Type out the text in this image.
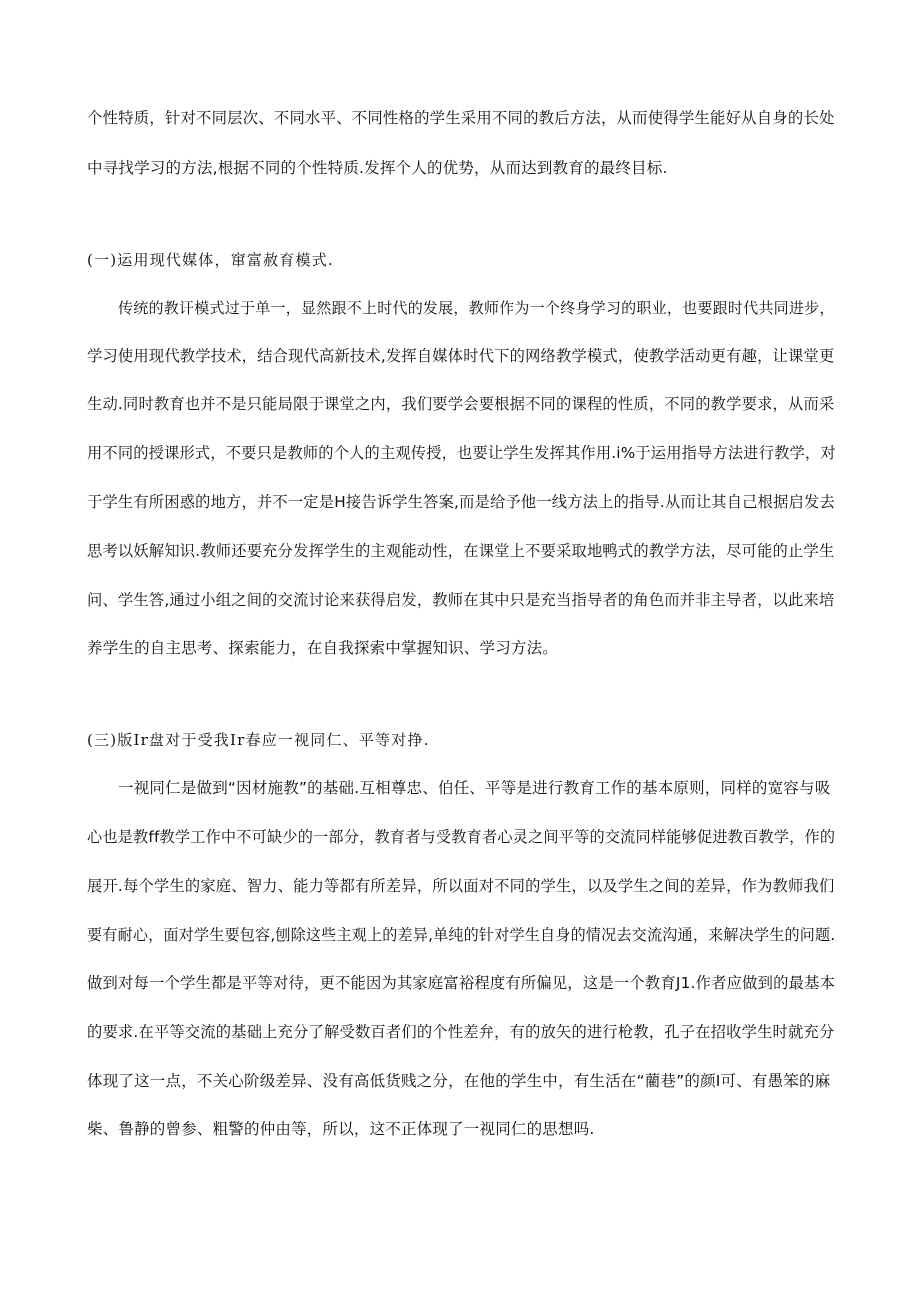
个性特质，针对不同层次、不同水平、不同性格的学生采用不同的教后方法，从而使得学生能好从自身的长处
中寻找学习的方法,根据不同的个性特质.发挥个人的优势，从而达到教育的最终目标.
(一)运用现代媒体，窜富赦育模式.
传统的教讦模式过于单一，显然跟不上时代的发展，教师作为一个终身学习的职业，也要跟时代共同进步，
学习使用现代教学技术，结合现代高新技术,发挥自媒体时代下的网络教学模式，使教学活动更有趣，让课堂更
生动.同时教育也并不是只能局限于课堂之内，我们要学会要根据不同的课程的性质，不同的教学要求，从而采
用不同的授课形式，不要只是教师的个人的主观传授，也要让学生发挥其作用.i%于运用指导方法进行教学，对
于学生有所困惑的地方，并不一定是H接告诉学生答案,而是给予他一线方法上的指导.从而让其自己根据启发去
思考以妖解知识.教师还要充分发挥学生的主观能动性，在课堂上不要采取地鸭式的教学方法，尽可能的止学生
问、学生答,通过小组之间的交流讨论来获得启发，教师在其中只是充当指导者的角色而并非主导者，以此来培
养学生的自主思考、探索能力，在自我探索中掌握知识、学习方法。
(三)版Ir盘对于受我Ir春应一视同仁、平等对挣.
一视同仁是做到“因材施教”的基础.互相尊忠、伯任、平等是进行教育工作的基本原则，同样的宽容与吸
心也是教ff教学工作中不可缺少的一部分，教育者与受教育者心灵之间平等的交流同样能够促进教百教学，作的
展开.每个学生的家庭、智力、能力等都有所差异，所以面对不同的学生，以及学生之间的差异，作为教师我们
要有耐心，面对学生要包容,刨除这些主观上的差异,单纯的针对学生自身的情况去交流沟通，来解决学生的问题.
做到对每一个学生都是平等对待，更不能因为其家庭富裕程度有所偏见，这是一个教育J1.作者应做到的最基本
的要求.在平等交流的基础上充分了解受数百者们的个性差弁，有的放矢的进行枪教，孔子在招收学生时就充分
体现了这一点，不关心阶级差异、没有高低货贱之分，在他的学生中，有生活在“藺巷”的颜I可、有愚笨的麻
柴、鲁静的曾参、粗警的仲由等，所以，这不正体现了一视同仁的思想吗.
